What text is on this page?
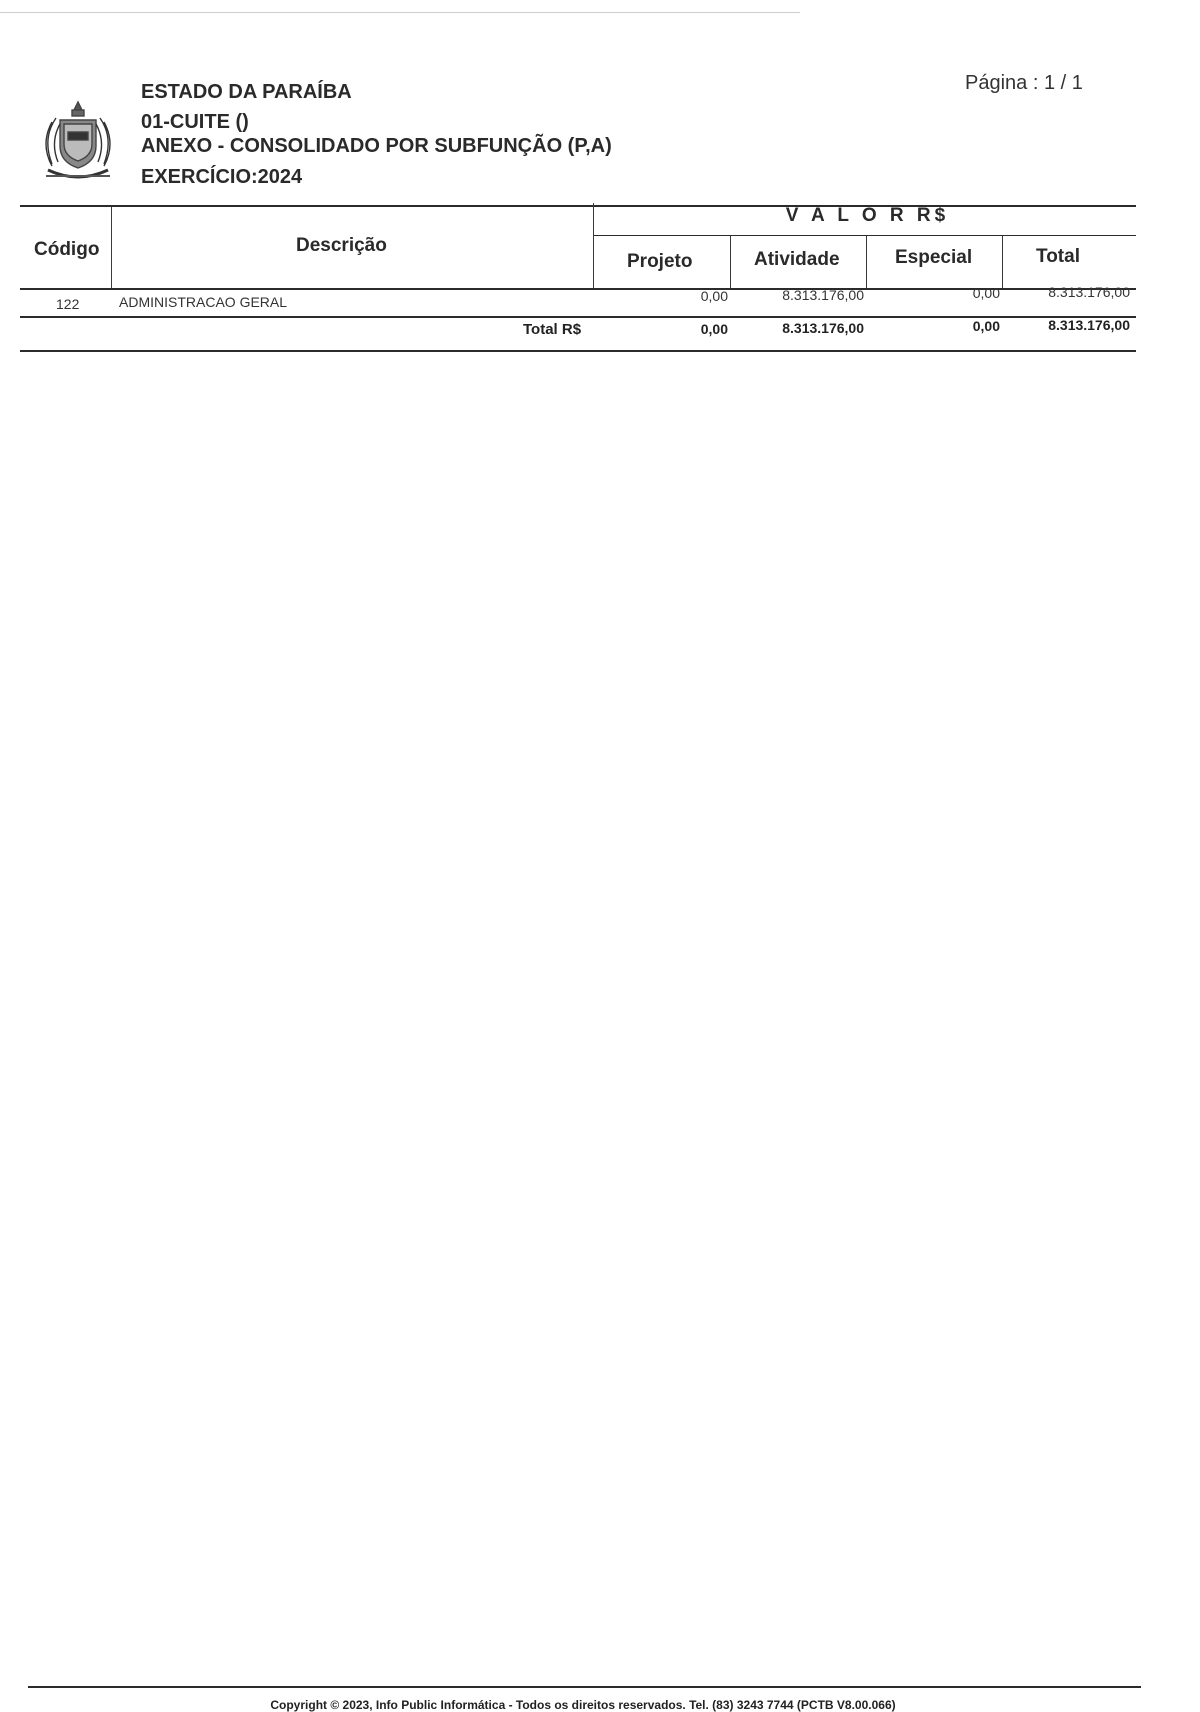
ESTADO DA PARAÍBA
01-CUITE ()
ANEXO - CONSOLIDADO POR SUBFUNÇÃO (P,A)
EXERCÍCIO:2024
Página : 1 / 1
Código	Descrição
V A L O R R$
Projeto	Atividade	Especial	Total
122	ADMINISTRACAO GERAL	0,00	8.313.176,00	0,00	8.313.176,00
Total R$	0,00	8.313.176,00	0,00	8.313.176,00
Copyright © 2023, Info Public Informática - Todos os direitos reservados. Tel. (83) 3243 7744 (PCTB V8.00.066)
